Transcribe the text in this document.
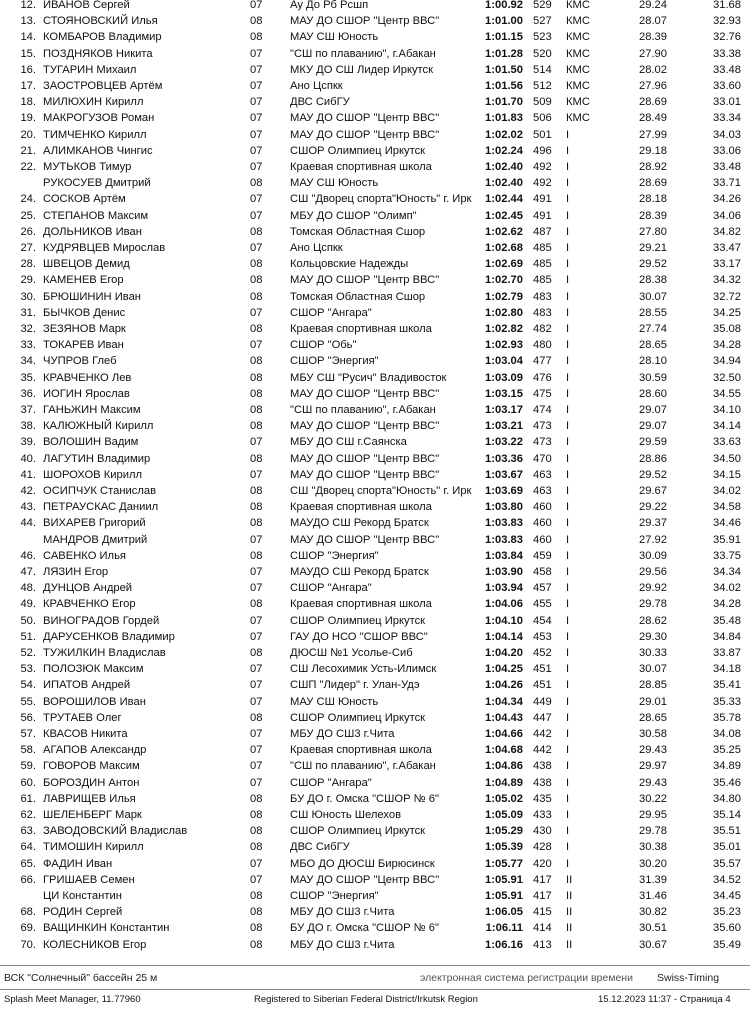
12. ИВАНОВ Сергей	07	Ау До Рб Рсшп	1:00.92 529	КМС	29.24	31.68
13. СТОЯНОВСКИЙ Илья	08	МАУ ДО СШОР "Центр ВВС"	1:01.00 527	КМС	28.07	32.93
14. КОМБАРОВ Владимир	08	МАУ СШ Юность	1:01.15 523	КМС	28.39	32.76
15. ПОЗДНЯКОВ Никита	07	"СШ по плаванию", г.Абакан	1:01.28 520	КМС	27.90	33.38
16. ТУГАРИН Михаил	07	МКУ ДО СШ Лидер Иркутск	1:01.50 514	КМС	28.02	33.48
17. ЗАОСТРОВЦЕВ Артём	07	Ано Цспкк	1:01.56 512	КМС	27.96	33.60
18. МИЛЮХИН Кирилл	07	ДВС СибГУ	1:01.70 509	КМС	28.69	33.01
19. МАКРОГУЗОВ Роман	07	МАУ ДО СШОР "Центр ВВС"	1:01.83 506	КМС	28.49	33.34
20. ТИМЧЕНКО Кирилл	07	МАУ ДО СШОР "Центр ВВС"	1:02.02 501	I	27.99	34.03
21. АЛИМКАНОВ Чингис	07	СШОР Олимпиец Иркутск	1:02.24 496	I	29.18	33.06
22. МУТЬКОВ Тимур	07	Краевая спортивная школа	1:02.40 492	I	28.92	33.48
РУКОСУЕВ Дмитрий	08	МАУ СШ Юность	1:02.40 492	I	28.69	33.71
24. СОСКОВ Артём	07	СШ "Дворец спорта"Юность" г. Ирк	1:02.44 491	I	28.18	34.26
25. СТЕПАНОВ Максим	07	МБУ ДО СШОР "Олимп"	1:02.45 491	I	28.39	34.06
26. ДОЛЬНИКОВ Иван	08	Томская Областная Сшор	1:02.62 487	I	27.80	34.82
27. КУДРЯВЦЕВ Мирослав	07	Ано Цспкк	1:02.68 485	I	29.21	33.47
28. ШВЕЦОВ Демид	08	Кольцовские Надежды	1:02.69 485	I	29.52	33.17
29. КАМЕНЕВ Егор	08	МАУ ДО СШОР "Центр ВВС"	1:02.70 485	I	28.38	34.32
30. БРЮШИНИН Иван	08	Томская Областная Сшор	1:02.79 483	I	30.07	32.72
31. БЫЧКОВ Денис	07	СШОР "Ангара"	1:02.80 483	I	28.55	34.25
32. ЗЕЗЯНОВ Марк	08	Краевая спортивная школа	1:02.82 482	I	27.74	35.08
33. ТОКАРЕВ Иван	07	СШОР "Обь"	1:02.93 480	I	28.65	34.28
34. ЧУПРОВ Глеб	08	СШОР "Энергия"	1:03.04 477	I	28.10	34.94
35. КРАВЧЕНКО Лев	08	МБУ СШ "Русич" Владивосток	1:03.09 476	I	30.59	32.50
36. ИОГИН Ярослав	08	МАУ ДО СШОР "Центр ВВС"	1:03.15 475	I	28.60	34.55
37. ГАНЬЖИН Максим	08	"СШ по плаванию", г.Абакан	1:03.17 474	I	29.07	34.10
38. КАЛЮЖНЫЙ Кирилл	08	МАУ ДО СШОР "Центр ВВС"	1:03.21 473	I	29.07	34.14
39. ВОЛОШИН Вадим	07	МБУ ДО СШ г.Саянска	1:03.22 473	I	29.59	33.63
40. ЛАГУТИН Владимир	08	МАУ ДО СШОР "Центр ВВС"	1:03.36 470	I	28.86	34.50
41. ШОРОХОВ Кирилл	07	МАУ ДО СШОР "Центр ВВС"	1:03.67 463	I	29.52	34.15
42. ОСИПЧУК Станислав	08	СШ "Дворец спорта"Юность" г. Ирк	1:03.69 463	I	29.67	34.02
43. ПЕТРАУСКАС Даниил	08	Краевая спортивная школа	1:03.80 460	I	29.22	34.58
44. ВИХАРЕВ Григорий	08	МАУДО СШ Рекорд Братск	1:03.83 460	I	29.37	34.46
МАНДРОВ Дмитрий	07	МАУ ДО СШОР "Центр ВВС"	1:03.83 460	I	27.92	35.91
46. САВЕНКО Илья	08	СШОР "Энергия"	1:03.84 459	I	30.09	33.75
47. ЛЯЗИН Егор	07	МАУДО СШ Рекорд Братск	1:03.90 458	I	29.56	34.34
48. ДУНЦОВ Андрей	07	СШОР "Ангара"	1:03.94 457	I	29.92	34.02
49. КРАВЧЕНКО Егор	08	Краевая спортивная школа	1:04.06 455	I	29.78	34.28
50. ВИНОГРАДОВ Гордей	07	СШОР Олимпиец Иркутск	1:04.10 454	I	28.62	35.48
51. ДАРУСЕНКОВ Владимир	07	ГАУ ДО НСО "СШОР ВВС"	1:04.14 453	I	29.30	34.84
52. ТУЖИЛКИН Владислав	08	ДЮСШ №1 Усолье-Сиб	1:04.20 452	I	30.33	33.87
53. ПОЛОЗЮК Максим	07	СШ Лесохимик Усть-Илимск	1:04.25 451	I	30.07	34.18
54. ИПАТОВ Андрей	07	СШП "Лидер" г. Улан-Удэ	1:04.26 451	I	28.85	35.41
55. ВОРОШИЛОВ Иван	07	МАУ СШ Юность	1:04.34 449	I	29.01	35.33
56. ТРУТАЕВ Олег	08	СШОР Олимпиец Иркутск	1:04.43 447	I	28.65	35.78
57. КВАСОВ Никита	07	МБУ ДО СШ3 г.Чита	1:04.66 442	I	30.58	34.08
58. АГАПОВ Александр	07	Краевая спортивная школа	1:04.68 442	I	29.43	35.25
59. ГОВОРОВ Максим	07	"СШ по плаванию", г.Абакан	1:04.86 438	I	29.97	34.89
60. БОРОЗДИН Антон	07	СШОР "Ангара"	1:04.89 438	I	29.43	35.46
61. ЛАВРИЩЕВ Илья	08	БУ ДО г. Омска "СШОР № 6"	1:05.02 435	I	30.22	34.80
62. ШЕЛЕНБЕРГ Марк	08	СШ Юность Шелехов	1:05.09 433	I	29.95	35.14
63. ЗАВОДОВСКИЙ Владислав	08	СШОР Олимпиец Иркутск	1:05.29 430	I	29.78	35.51
64. ТИМОШИН Кирилл	08	ДВС СибГУ	1:05.39 428	I	30.38	35.01
65. ФАДИН Иван	07	МБО ДО ДЮСШ Бирюсинск	1:05.77 420	I	30.20	35.57
66. ГРИШАЕВ Семен	07	МАУ ДО СШОР "Центр ВВС"	1:05.91 417	II	31.39	34.52
ЦИ Константин	08	СШОР "Энергия"	1:05.91 417	II	31.46	34.45
68. РОДИН Сергей	08	МБУ ДО СШ3 г.Чита	1:06.05 415	II	30.82	35.23
69. ВАЩИНКИН Константин	08	БУ ДО г. Омска "СШОР № 6"	1:06.11 414	II	30.51	35.60
70. КОЛЕСНИКОВ Егор	08	МБУ ДО СШ3 г.Чита	1:06.16 413	II	30.67	35.49
ВСК "Солнечный" бассейн 25 м	электронная система регистрации времени Swiss-Timing
Splash Meet Manager, 11.77960	Registered to Siberian Federal District/Irkutsk Region	15.12.2023 11:37 - Страница 4
